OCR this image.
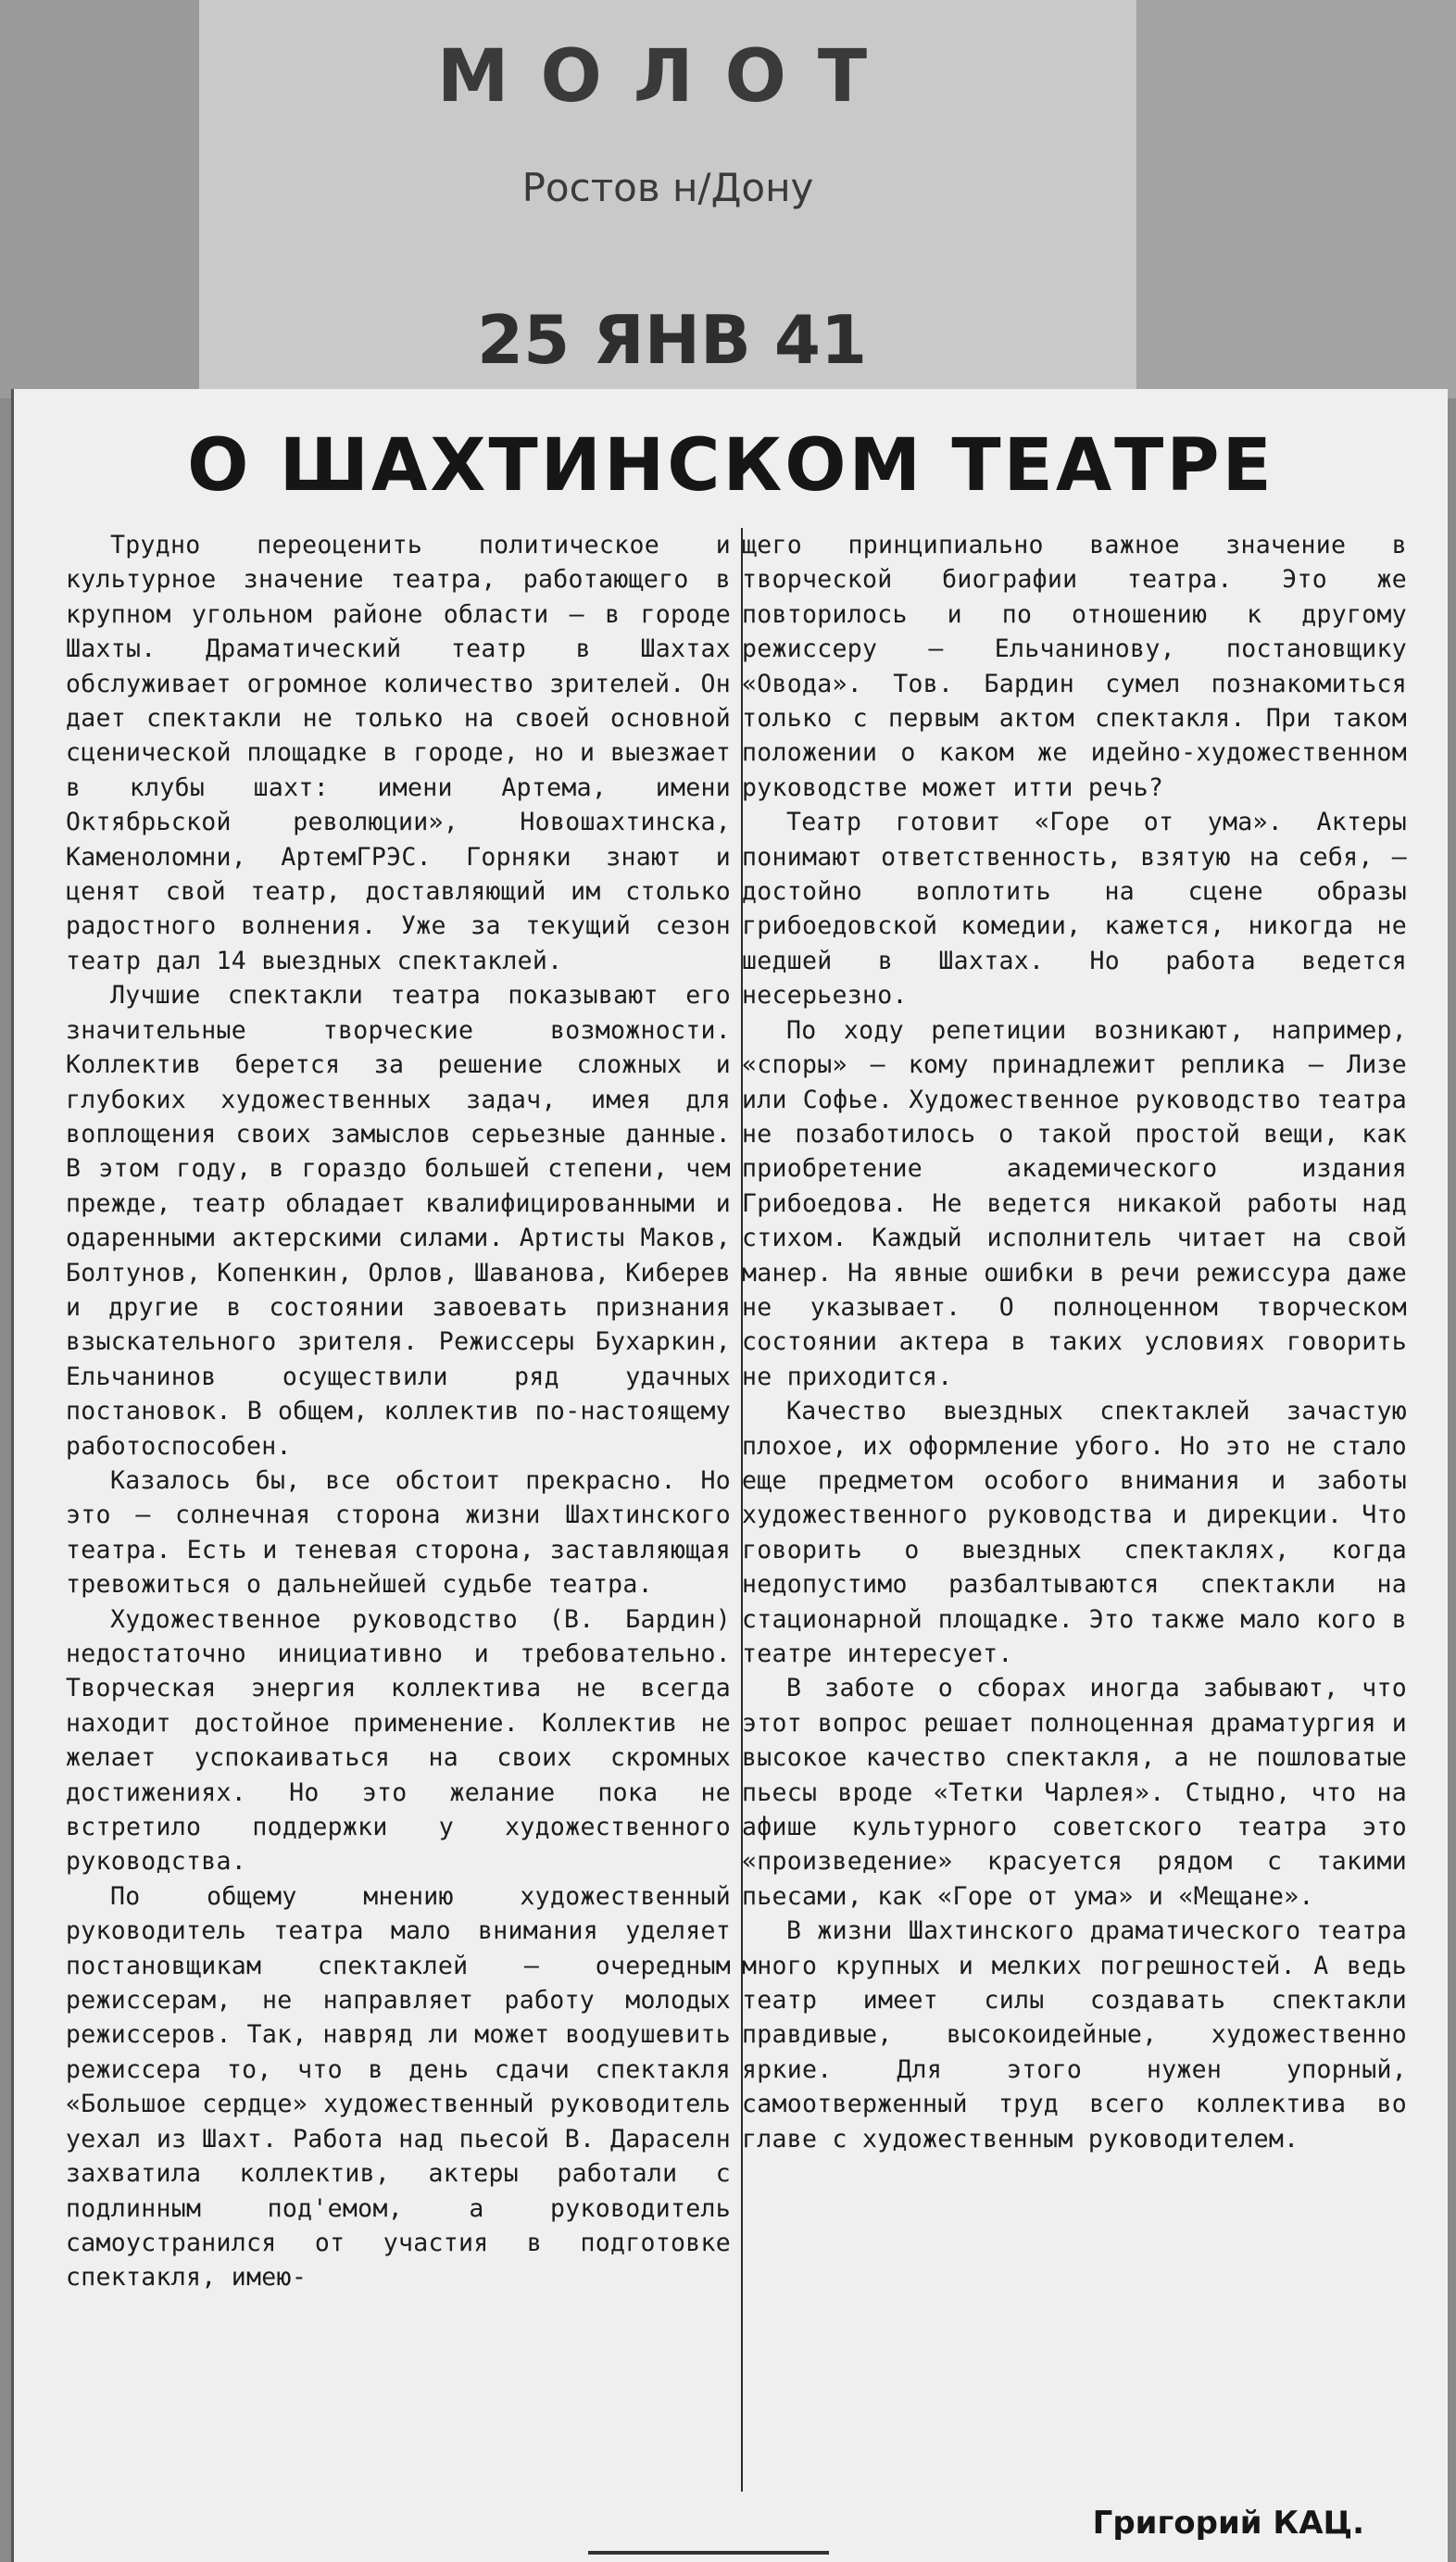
МОЛОТ
Ростов н/Дону
25 ЯНВ 41
О ШАХТИНСКОМ ТЕАТРЕ

Трудно переоценить политическое и культурное значение театра, работающего в крупном угольном районе области — в городе Шахты. Драматический театр в Шахтах обслуживает огромное количество зрителей. Он дает спектакли не только на своей основной сценической площадке в городе, но и выезжает в клубы шахт: имени Артема, имени Октябрьской революции», Новошахтинска, Каменоломни, АртемГРЭС. Горняки знают и ценят свой театр, доставляющий им столько радостного волнения. Уже за текущий сезон театр дал 14 выездных спектаклей.

Лучшие спектакли театра показывают его значительные творческие возможности. Коллектив берется за решение сложных и глубоких художественных задач, имея для воплощения своих замыслов серьезные данные. В этом году, в гораздо большей степени, чем прежде, театр обладает квалифицированными и одаренными актерскими силами. Артисты Маков, Болтунов, Копенкин, Орлов, Шаванова, Киберев и другие в состоянии завоевать признания взыскательного зрителя. Режиссеры Бухаркин, Ельчанинов осуществили ряд удачных постановок. В общем, коллектив по-настоящему работоспособен.

Казалось бы, все обстоит прекрасно. Но это — солнечная сторона жизни Шахтинского театра. Есть и теневая сторона, заставляющая тревожиться о дальнейшей судьбе театра.

Художественное руководство (В. Бардин) недостаточно инициативно и требовательно. Творческая энергия коллектива не всегда находит достойное применение. Коллектив не желает успокаиваться на своих скромных достижениях. Но это желание пока не встретило поддержки у художественного руководства.

По общему мнению художественный руководитель театра мало внимания уделяет постановщикам спектаклей — очередным режиссерам, не направляет работу молодых режиссеров. Так, навряд ли может воодушевить режиссера то, что в день сдачи спектакля «Большое сердце» художественный руководитель уехал из Шахт. Работа над пьесой В. Дараселн захватила коллектив, актеры работали с подлинным под'емом, а руководитель самоустранился от участия в подготовке спектакля, имею-

щего принципиально важное значение в творческой биографии театра. Это же повторилось и по отношению к другому режиссеру — Ельчанинову, постановщику «Овода». Тов. Бардин сумел познакомиться только с первым актом спектакля. При таком положении о каком же идейно-художественном руководстве может итти речь?

Театр готовит «Горе от ума». Актеры понимают ответственность, взятую на себя, — достойно воплотить на сцене образы грибоедовской комедии, кажется, никогда не шедшей в Шахтах. Но работа ведется несерьезно.

По ходу репетиции возникают, например, «споры» — кому принадлежит реплика — Лизе или Софье. Художественное руководство театра не позаботилось о такой простой вещи, как приобретение академического издания Грибоедова. Не ведется никакой работы над стихом. Каждый исполнитель читает на свой манер. На явные ошибки в речи режиссура даже не указывает. О полноценном творческом состоянии актера в таких условиях говорить не приходится.

Качество выездных спектаклей зачастую плохое, их оформление убого. Но это не стало еще предметом особого внимания и заботы художественного руководства и дирекции. Что говорить о выездных спектаклях, когда недопустимо разбалтываются спектакли на стационарной площадке. Это также мало кого в театре интересует.

В заботе о сборах иногда забывают, что этот вопрос решает полноценная драматургия и высокое качество спектакля, а не пошловатые пьесы вроде «Тетки Чарлея». Стыдно, что на афише культурного советского театра это «произведение» красуется рядом с такими пьесами, как «Горе от ума» и «Мещане».

В жизни Шахтинского драматического театра много крупных и мелких погрешностей. А ведь театр имеет силы создавать спектакли правдивые, высокоидейные, художественно яркие. Для этого нужен упорный, самоотверженный труд всего коллектива во главе с художественным руководителем.

Григорий КАЦ.
